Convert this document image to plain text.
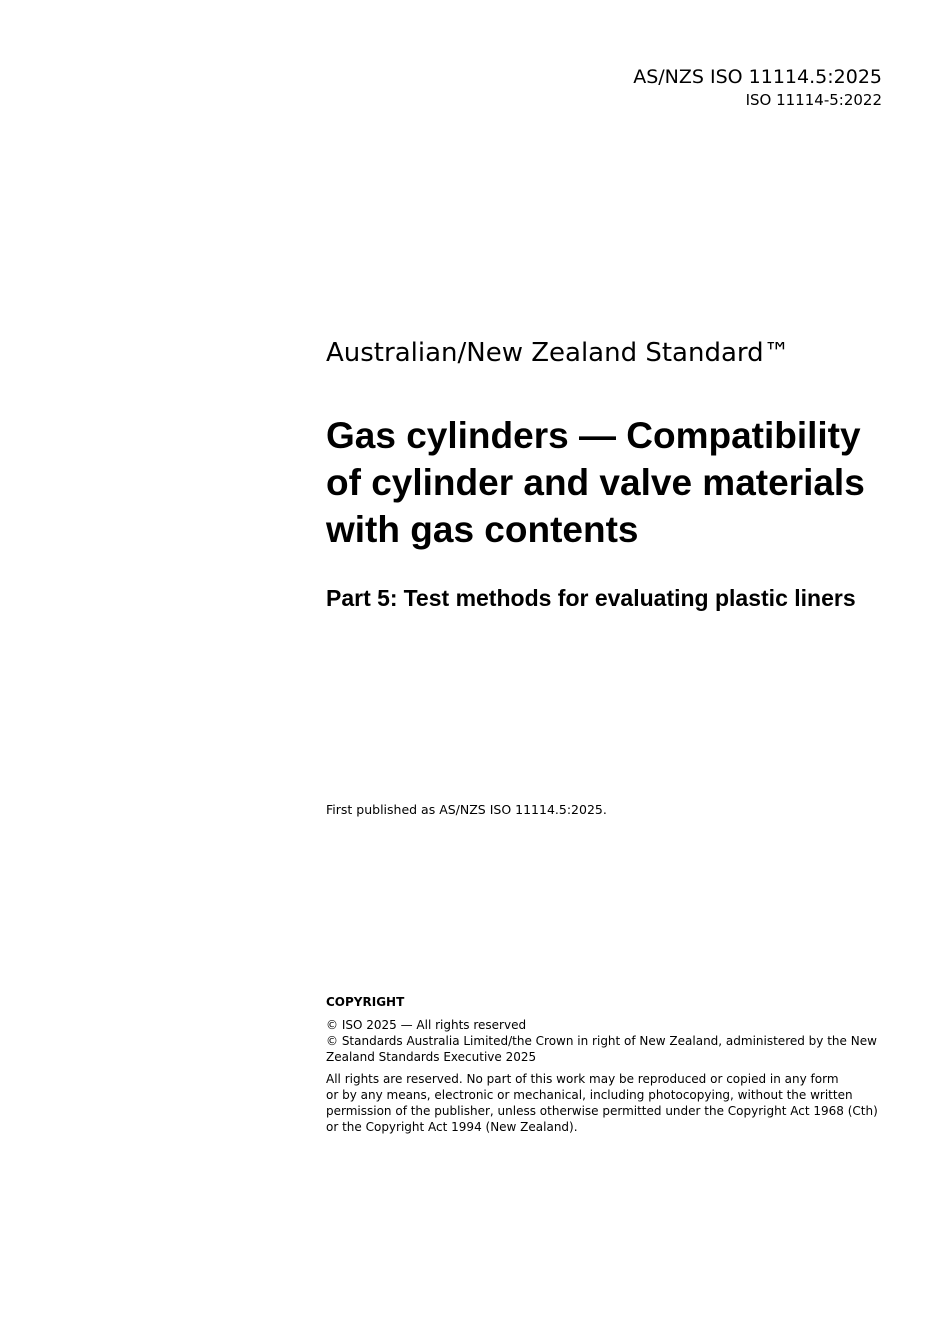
AS/NZS ISO 11114.5:2025
ISO 11114-5:2022
Australian/New Zealand Standard™
Gas cylinders — Compatibility
of cylinder and valve materials
with gas contents
Part 5: Test methods for evaluating plastic liners
First published as AS/NZS ISO 11114.5:2025.
COPYRIGHT
© ISO 2025 — All rights reserved
© Standards Australia Limited/the Crown in right of New Zealand, administered by the New
Zealand Standards Executive 2025
All rights are reserved. No part of this work may be reproduced or copied in any form
or by any means, electronic or mechanical, including photocopying, without the written
permission of the publisher, unless otherwise permitted under the Copyright Act 1968 (Cth)
or the Copyright Act 1994 (New Zealand).
